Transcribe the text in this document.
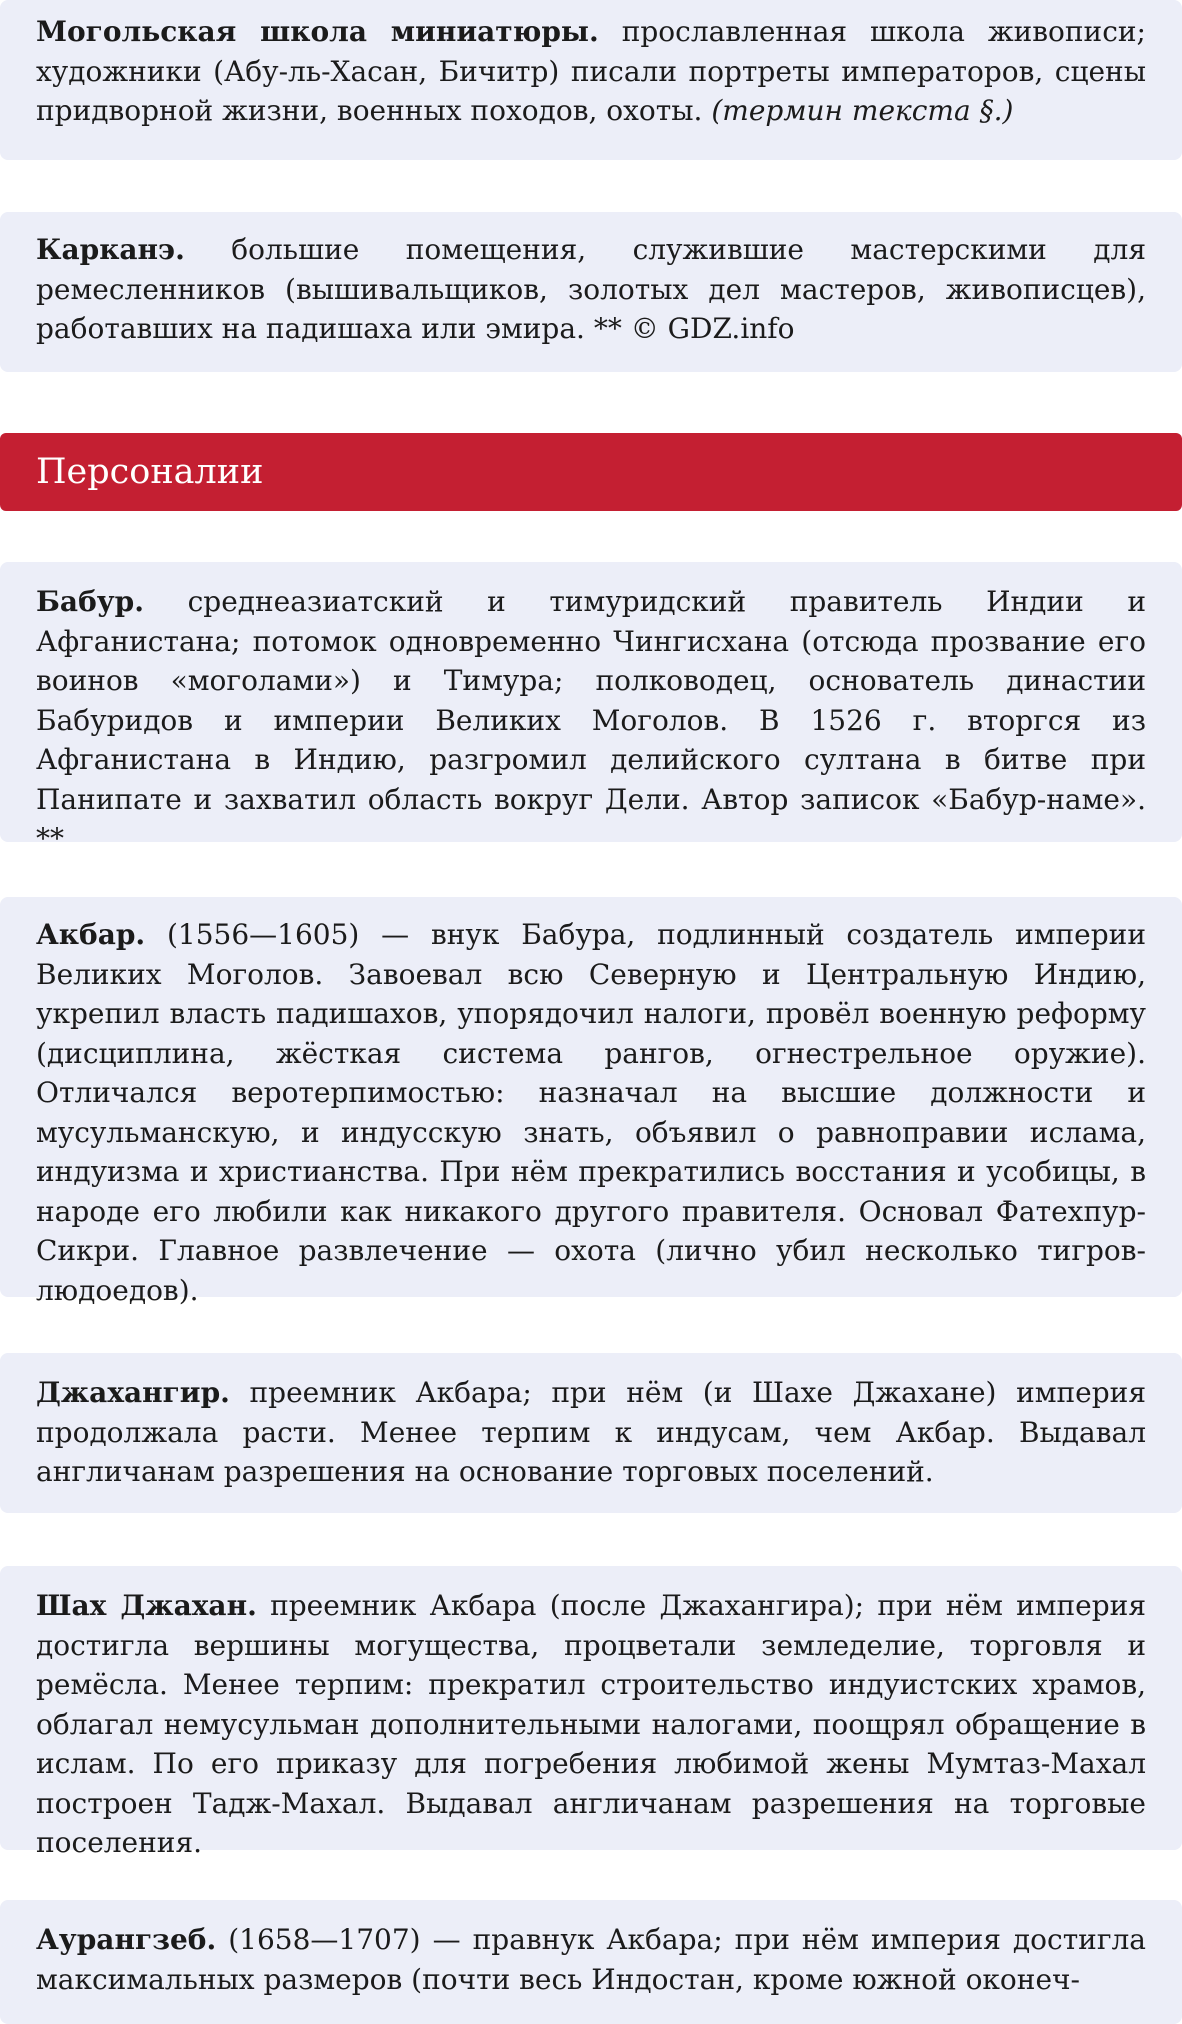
Могольская школа миниатюры. прославленная школа живописи; художники (Абу-ль-Хасан, Бичитр) писали портреты императоров, сцены придворной жизни, военных походов, охоты. (термин текста §.)

Карканэ. большие помещения, служившие мастерскими для ремесленников (вышивальщиков, золотых дел мастеров, живописцев), работавших на падишаха или эмира. ** © GDZ.info

Персоналии

Бабур. среднеазиатский и тимуридский правитель Индии и Афганистана; потомок одновременно Чингисхана (отсюда прозвание его воинов «моголами») и Тимура; полководец, основатель династии Бабуридов и империи Великих Моголов. В 1526 г. вторгся из Афганистана в Индию, разгромил делийского султана в битве при Панипате и захватил область вокруг Дели. Автор записок «Бабур-наме». **

Акбар. (1556—1605) — внук Бабура, подлинный создатель империи Великих Моголов. Завоевал всю Северную и Центральную Индию, укрепил власть падишахов, упорядочил налоги, провёл военную реформу (дисциплина, жёсткая система рангов, огнестрельное оружие). Отличался веротерпимостью: назначал на высшие должности и мусульманскую, и индусскую знать, объявил о равноправии ислама, индуизма и христианства. При нём прекратились восстания и усобицы, в народе его любили как никакого другого правителя. Основал Фатехпур-Сикри. Главное развлечение — охота (лично убил несколько тигров-людоедов).

Джахангир. преемник Акбара; при нём (и Шахе Джахане) империя продолжала расти. Менее терпим к индусам, чем Акбар. Выдавал англичанам разрешения на основание торговых поселений.

Шах Джахан. преемник Акбара (после Джахангира); при нём империя достигла вершины могущества, процветали земледелие, торговля и ремёсла. Менее терпим: прекратил строительство индуистских храмов, облагал немусульман дополнительными налогами, поощрял обращение в ислам. По его приказу для погребения любимой жены Мумтаз-Махал построен Тадж-Махал. Выдавал англичанам разрешения на торговые поселения.

Аурангзеб. (1658—1707) — правнук Акбара; при нём империя достигла максимальных размеров (почти весь Индостан, кроме южной оконеч-
